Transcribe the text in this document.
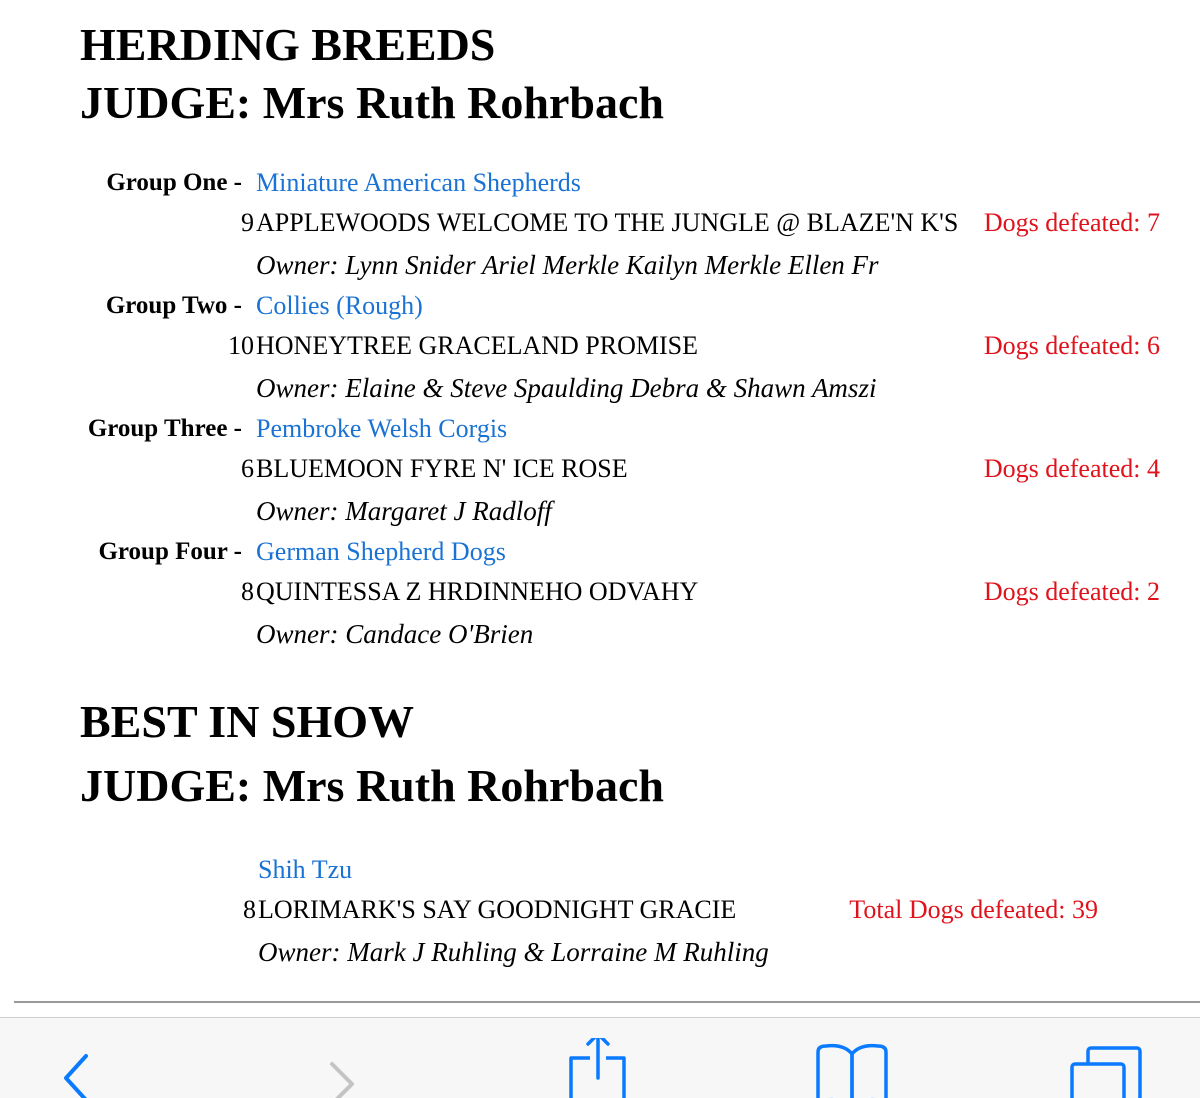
HERDING BREEDS
JUDGE: Mrs Ruth Rohrbach
Group One - Miniature American Shepherds
9 APPLEWOODS WELCOME TO THE JUNGLE @ BLAZE'N K'S Dogs defeated: 7
Owner: Lynn Snider Ariel Merkle Kailyn Merkle Ellen Fr
Group Two - Collies (Rough)
10 HONEYTREE GRACELAND PROMISE	Dogs defeated: 6
Owner: Elaine & Steve Spaulding Debra & Shawn Amszi
Group Three - Pembroke Welsh Corgis
6 BLUEMOON FYRE N' ICE ROSE	Dogs defeated: 4
Owner: Margaret J Radloff
Group Four - German Shepherd Dogs
8 QUINTESSA Z HRDINNEHO ODVAHY	Dogs defeated: 2
Owner: Candace O'Brien
BEST IN SHOW
JUDGE: Mrs Ruth Rohrbach
Shih Tzu
8 LORIMARK'S SAY GOODNIGHT GRACIE	Total Dogs defeated: 39
Owner: Mark J Ruhling & Lorraine M Ruhling
